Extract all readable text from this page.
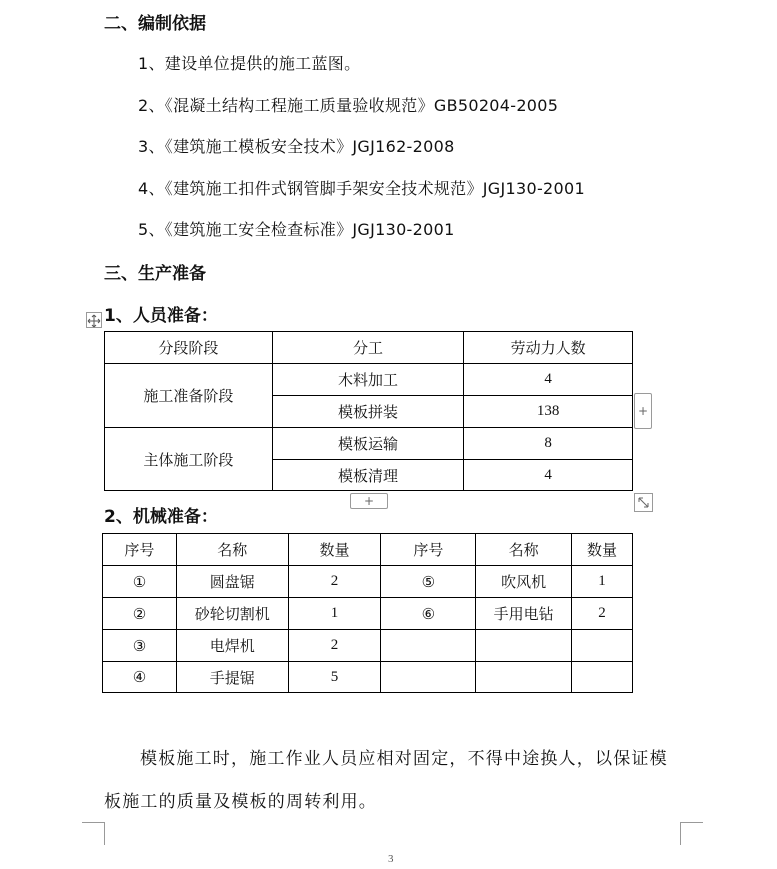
二、编制依据
1、建设单位提供的施工蓝图。
2、《混凝土结构工程施工质量验收规范》GB50204-2005
3、《建筑施工模板安全技术》JGJ162-2008
4、《建筑施工扣件式钢管脚手架安全技术规范》JGJ130-2001
5、《建筑施工安全检查标准》JGJ130-2001
三、生产准备
1、人员准备：
分段阶段	分工	劳动力人数
施工准备阶段	木料加工	4
	模板拼装	138
主体施工阶段	模板运输	8
	模板清理	4
+
+
2、机械准备：
序号	名称	数量	序号	名称	数量
①	圆盘锯	2	⑤	吹风机	1
②	砂轮切割机	1	⑥	手用电钻	2
③	电焊机	2			
④	手提锯	5			
模板施工时，施工作业人员应相对固定，不得中途换人，以保证模
板施工的质量及模板的周转利用。
3
